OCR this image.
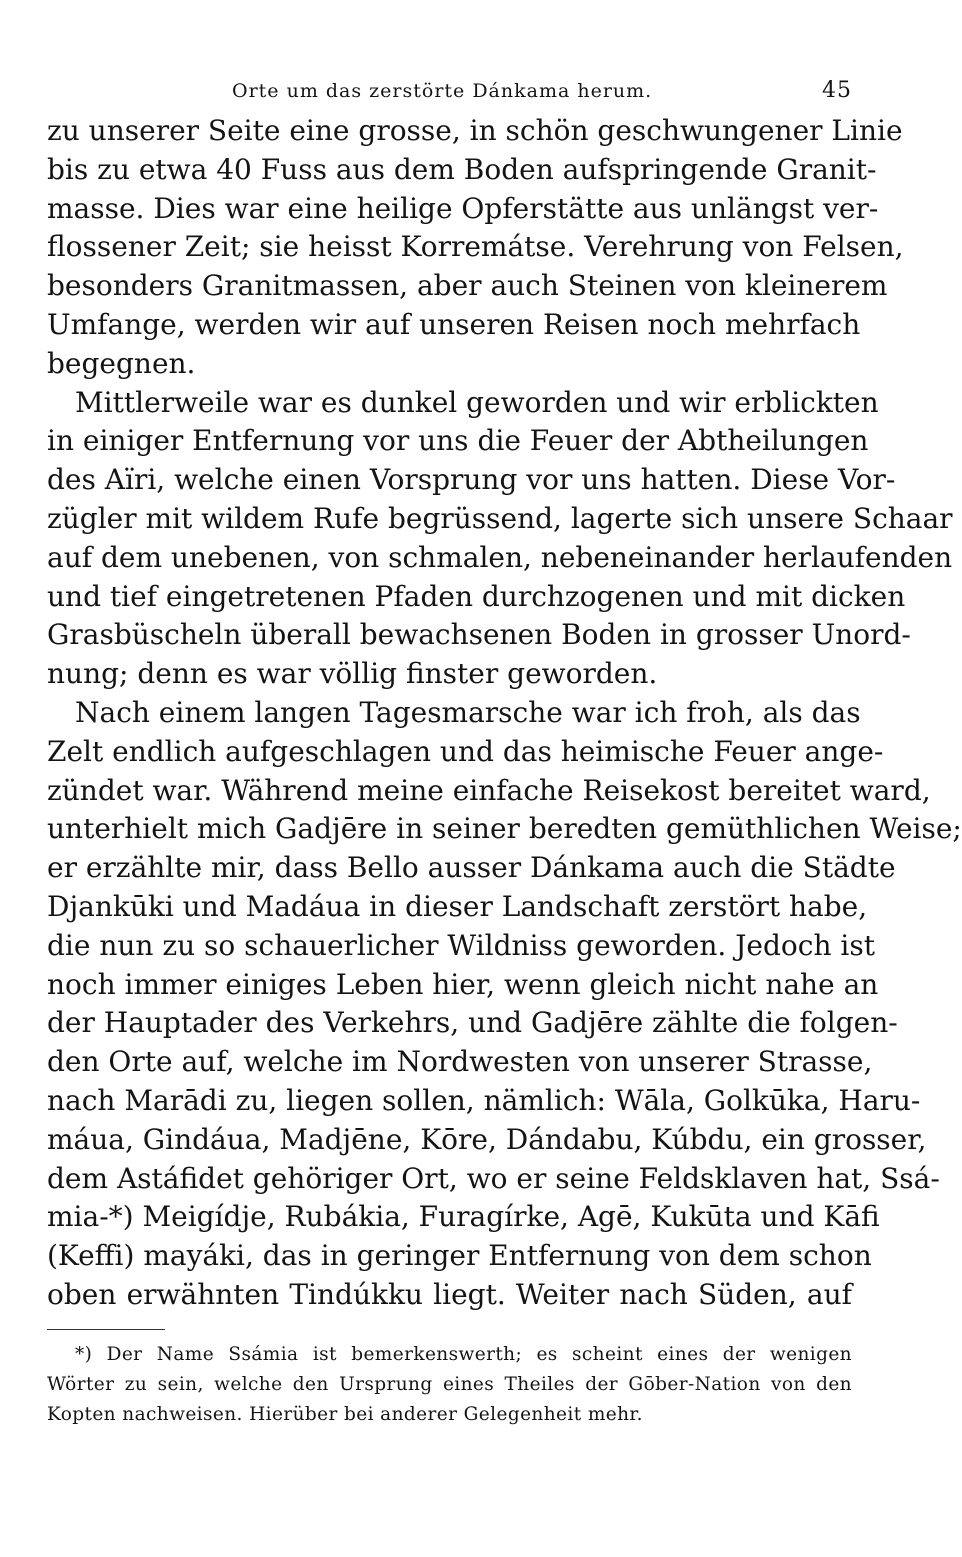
Orte um das zerstörte Dánkama herum.	45
zu unserer Seite eine grosse, in schön geschwungener Linie
bis zu etwa 40 Fuss aus dem Boden aufspringende Granit-
masse. Dies war eine heilige Opferstätte aus unlängst ver-
flossener Zeit; sie heisst Korremátse. Verehrung von Felsen,
besonders Granitmassen, aber auch Steinen von kleinerem
Umfange, werden wir auf unseren Reisen noch mehrfach
begegnen.
Mittlerweile war es dunkel geworden und wir erblickten
in einiger Entfernung vor uns die Feuer der Abtheilungen
des Aïri, welche einen Vorsprung vor uns hatten. Diese Vor-
zügler mit wildem Rufe begrüssend, lagerte sich unsere Schaar
auf dem unebenen, von schmalen, nebeneinander herlaufenden
und tief eingetretenen Pfaden durchzogenen und mit dicken
Grasbüscheln überall bewachsenen Boden in grosser Unord-
nung; denn es war völlig finster geworden.
Nach einem langen Tagesmarsche war ich froh, als das
Zelt endlich aufgeschlagen und das heimische Feuer ange-
zündet war. Während meine einfache Reisekost bereitet ward,
unterhielt mich Gadjēre in seiner beredten gemüthlichen Weise;
er erzählte mir, dass Bello ausser Dánkama auch die Städte
Djankūki und Madáua in dieser Landschaft zerstört habe,
die nun zu so schauerlicher Wildniss geworden. Jedoch ist
noch immer einiges Leben hier, wenn gleich nicht nahe an
der Hauptader des Verkehrs, und Gadjēre zählte die folgen-
den Orte auf, welche im Nordwesten von unserer Strasse,
nach Marādi zu, liegen sollen, nämlich: Wāla, Golkūka, Haru-
máua, Gindáua, Madjēne, Kōre, Dándabu, Kúbdu, ein grosser,
dem Astáfidet gehöriger Ort, wo er seine Feldsklaven hat, Ssá-
mia-*) Meigídje, Rubákia, Furagírke, Agē, Kukūta und Kāfi
(Keffi) mayáki, das in geringer Entfernung von dem schon
oben erwähnten Tindúkku liegt. Weiter nach Süden, auf
*) Der Name Ssámia ist bemerkenswerth; es scheint eines der wenigen
Wörter zu sein, welche den Ursprung eines Theiles der Gōber-Nation von den
Kopten nachweisen. Hierüber bei anderer Gelegenheit mehr.
